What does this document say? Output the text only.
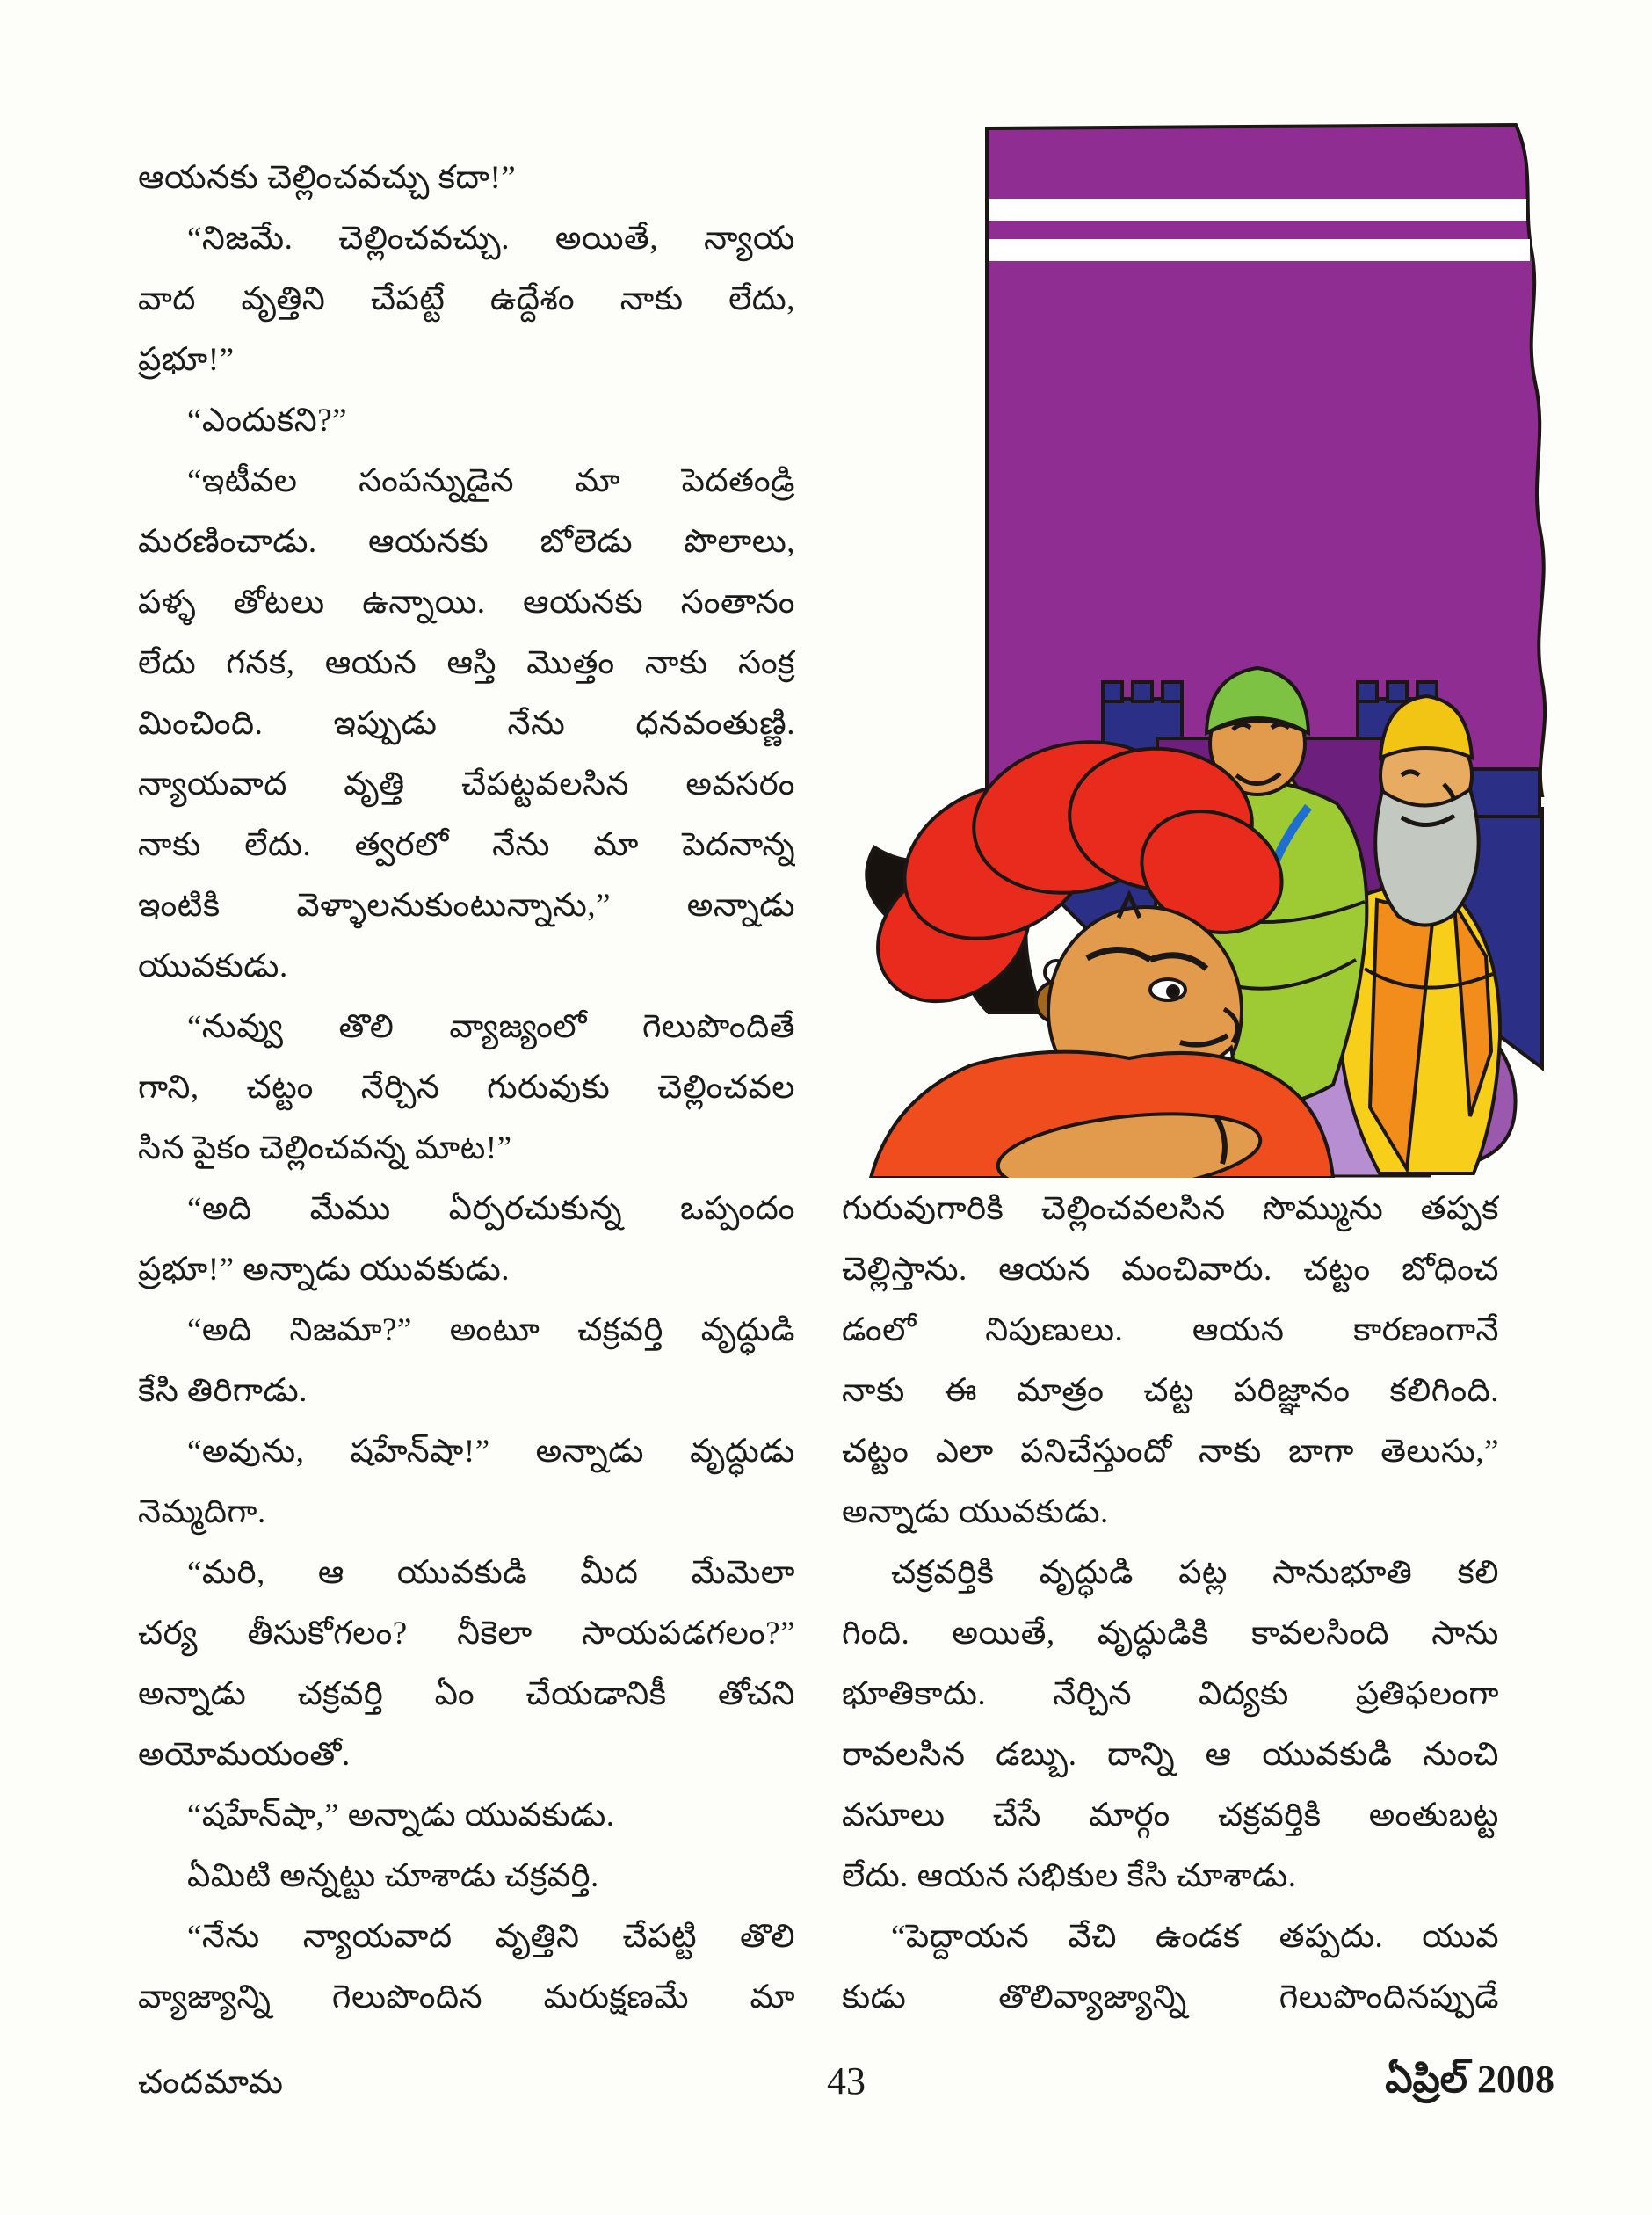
ఆయనకు చెల్లించవచ్చు కదా!”
“నిజమే. చెల్లించవచ్చు. అయితే, న్యాయ
వాద వృత్తిని చేపట్టే ఉద్దేశం నాకు లేదు,
ప్రభూ!”
“ఎందుకని?”
“ఇటీవల సంపన్నుడైన మా పెదతండ్రి
మరణించాడు. ఆయనకు బోలెడు పొలాలు,
పళ్ళ తోటలు ఉన్నాయి. ఆయనకు సంతానం
లేదు గనక, ఆయన ఆస్తి మొత్తం నాకు సంక్ర
మించింది. ఇప్పుడు నేను ధనవంతుణ్ణి.
న్యాయవాద వృత్తి చేపట్టవలసిన అవసరం
నాకు లేదు. త్వరలో నేను మా పెదనాన్న
ఇంటికి వెళ్ళాలనుకుంటున్నాను,” అన్నాడు
యువకుడు.
“నువ్వు తొలి వ్యాజ్యంలో గెలుపొందితే
గాని, చట్టం నేర్చిన గురువుకు చెల్లించవల
సిన పైకం చెల్లించవన్న మాట!”
“అది మేము ఏర్పరచుకున్న ఒప్పందం
ప్రభూ!” అన్నాడు యువకుడు.
“అది నిజమా?” అంటూ చక్రవర్తి వృద్ధుడి
కేసి తిరిగాడు.
“అవును, షహేన్‌షా!” అన్నాడు వృద్ధుడు
నెమ్మదిగా.
“మరి, ఆ యువకుడి మీద మేమెలా
చర్య తీసుకోగలం? నీకెలా సాయపడగలం?”
అన్నాడు చక్రవర్తి ఏం చేయడానికీ తోచని
అయోమయంతో.
“షహేన్‌షా,” అన్నాడు యువకుడు.
ఏమిటి అన్నట్టు చూశాడు చక్రవర్తి.
“నేను న్యాయవాద వృత్తిని చేపట్టి తొలి
వ్యాజ్యాన్ని గెలుపొందిన మరుక్షణమే మా
గురువుగారికి చెల్లించవలసిన సొమ్మును తప్పక
చెల్లిస్తాను. ఆయన మంచివారు. చట్టం బోధించ
డంలో నిపుణులు. ఆయన కారణంగానే
నాకు ఈ మాత్రం చట్ట పరిజ్ఞానం కలిగింది.
చట్టం ఎలా పనిచేస్తుందో నాకు బాగా తెలుసు,”
అన్నాడు యువకుడు.
చక్రవర్తికి వృద్ధుడి పట్ల సానుభూతి కలి
గింది. అయితే, వృద్ధుడికి కావలసింది సాను
భూతికాదు. నేర్చిన విద్యకు ప్రతిఫలంగా
రావలసిన డబ్బు. దాన్ని ఆ యువకుడి నుంచి
వసూలు చేసే మార్గం చక్రవర్తికి అంతుబట్ట
లేదు. ఆయన సభికుల కేసి చూశాడు.
“పెద్దాయన వేచి ఉండక తప్పదు. యువ
కుడు తొలివ్యాజ్యాన్ని గెలుపొందినప్పుడే
చందమామ	43	ఏప్రిల్ 2008
